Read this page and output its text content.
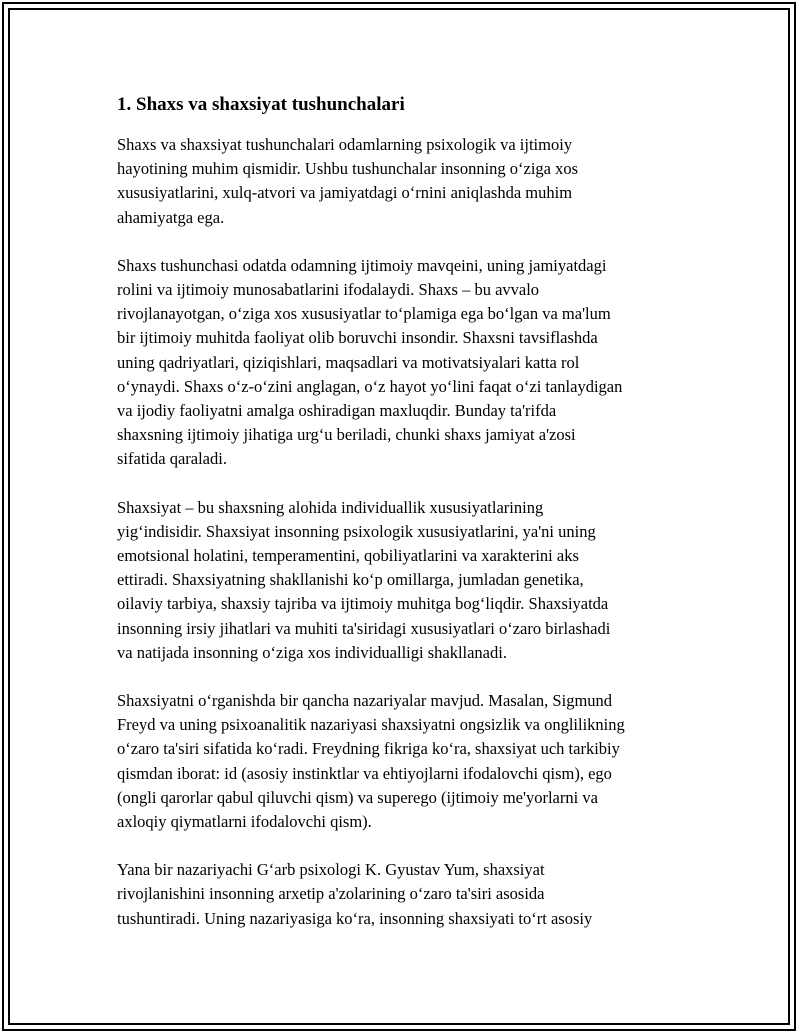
1. Shaxs va shaxsiyat tushunchalari
Shaxs va shaxsiyat tushunchalari odamlarning psixologik va ijtimoiy
hayotining muhim qismidir. Ushbu tushunchalar insonning o‘ziga xos
xususiyatlarini, xulq-atvori va jamiyatdagi o‘rnini aniqlashda muhim
ahamiyatga ega.
Shaxs tushunchasi odatda odamning ijtimoiy mavqeini, uning jamiyatdagi
rolini va ijtimoiy munosabatlarini ifodalaydi. Shaxs – bu avvalo
rivojlanayotgan, o‘ziga xos xususiyatlar to‘plamiga ega bo‘lgan va ma'lum
bir ijtimoiy muhitda faoliyat olib boruvchi insondir. Shaxsni tavsiflashda
uning qadriyatlari, qiziqishlari, maqsadlari va motivatsiyalari katta rol
o‘ynaydi. Shaxs o‘z-o‘zini anglagan, o‘z hayot yo‘lini faqat o‘zi tanlaydigan
va ijodiy faoliyatni amalga oshiradigan maxluqdir. Bunday ta'rifda
shaxsning ijtimoiy jihatiga urg‘u beriladi, chunki shaxs jamiyat a'zosi
sifatida qaraladi.
Shaxsiyat – bu shaxsning alohida individuallik xususiyatlarining
yig‘indisidir. Shaxsiyat insonning psixologik xususiyatlarini, ya'ni uning
emotsional holatini, temperamentini, qobiliyatlarini va xarakterini aks
ettiradi. Shaxsiyatning shakllanishi ko‘p omillarga, jumladan genetika,
oilaviy tarbiya, shaxsiy tajriba va ijtimoiy muhitga bog‘liqdir. Shaxsiyatda
insonning irsiy jihatlari va muhiti ta'siridagi xususiyatlari o‘zaro birlashadi
va natijada insonning o‘ziga xos individualligi shakllanadi.
Shaxsiyatni o‘rganishda bir qancha nazariyalar mavjud. Masalan, Sigmund
Freyd va uning psixoanalitik nazariyasi shaxsiyatni ongsizlik va onglilikning
o‘zaro ta'siri sifatida ko‘radi. Freydning fikriga ko‘ra, shaxsiyat uch tarkibiy
qismdan iborat: id (asosiy instinktlar va ehtiyojlarni ifodalovchi qism), ego
(ongli qarorlar qabul qiluvchi qism) va superego (ijtimoiy me'yorlarni va
axloqiy qiymatlarni ifodalovchi qism).
Yana bir nazariyachi G‘arb psixologi K. Gyustav Yum, shaxsiyat
rivojlanishini insonning arxetip a'zolarining o‘zaro ta'siri asosida
tushuntiradi. Uning nazariyasiga ko‘ra, insonning shaxsiyati to‘rt asosiy
